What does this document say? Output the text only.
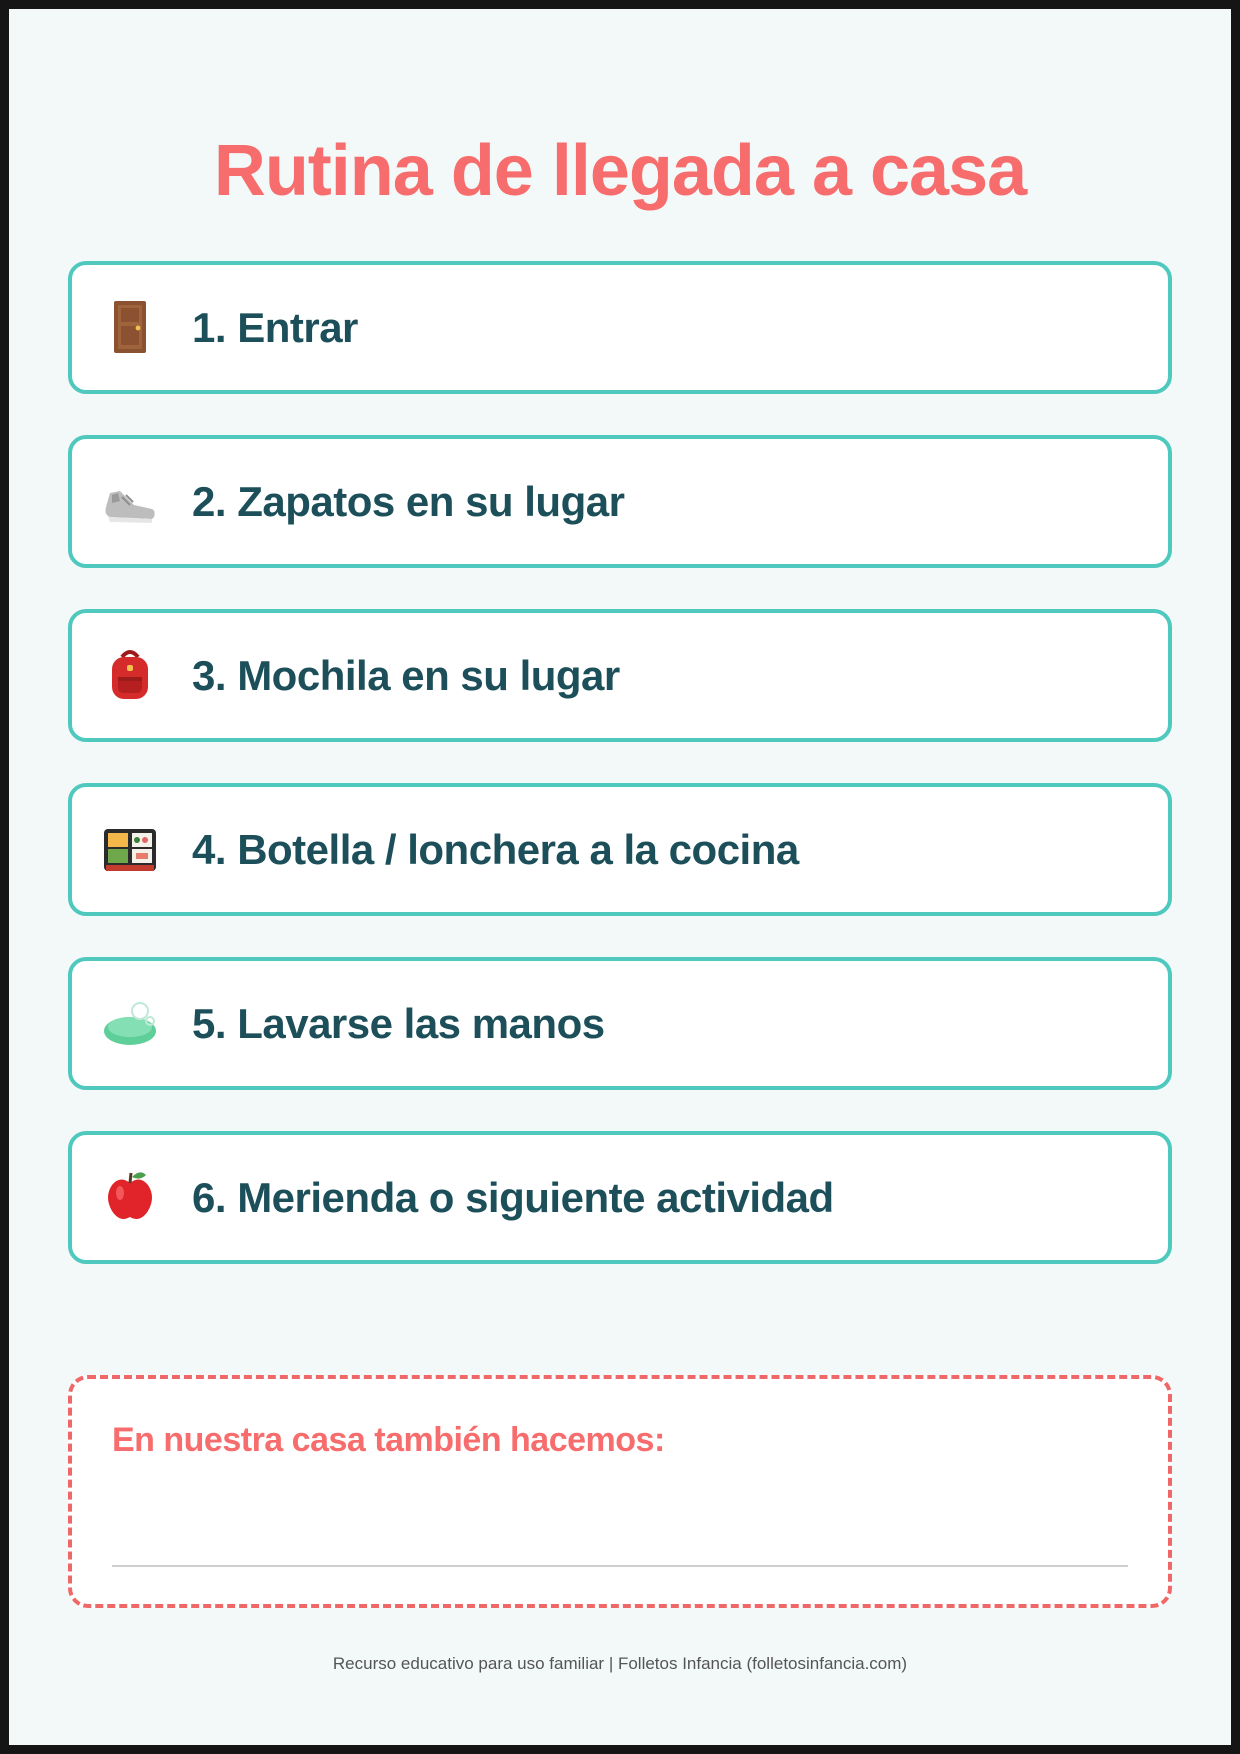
Rutina de llegada a casa
1. Entrar
2. Zapatos en su lugar
3. Mochila en su lugar
4. Botella / lonchera a la cocina
5. Lavarse las manos
6. Merienda o siguiente actividad
En nuestra casa también hacemos:
Recurso educativo para uso familiar | Folletos Infancia (folletosinfancia.com)
